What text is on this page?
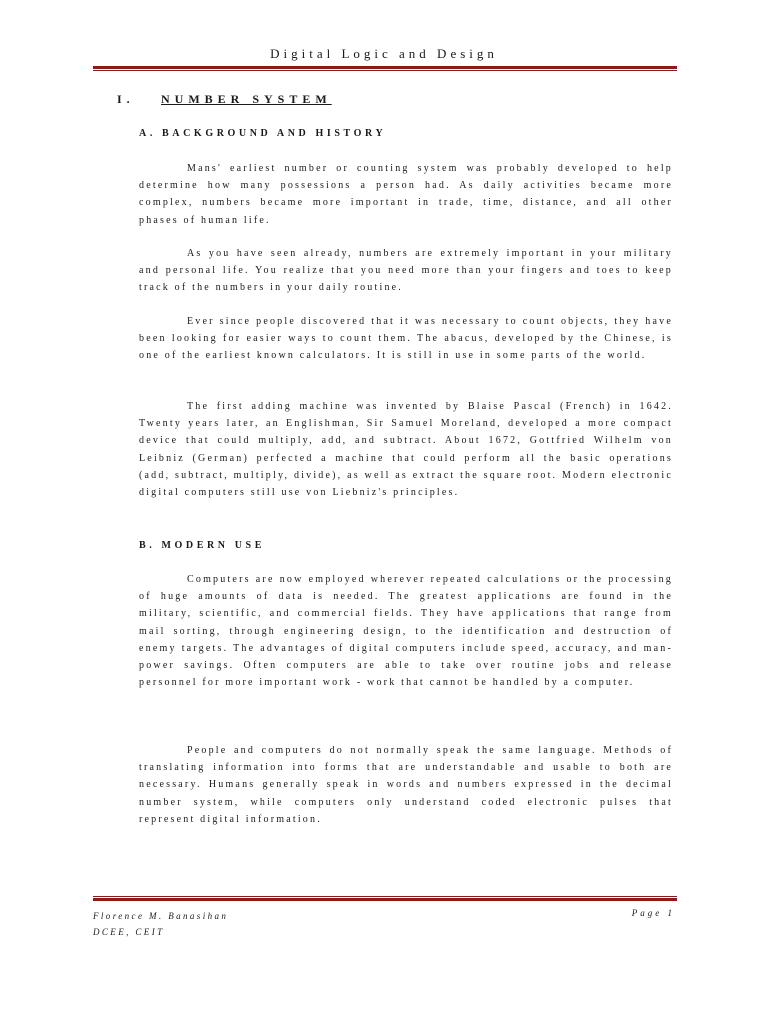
Digital Logic and Design
I. NUMBER SYSTEM
A. BACKGROUND AND HISTORY

Mans' earliest number or counting system was probably developed to help determine how many possessions a person had. As daily activities became more complex, numbers became more important in trade, time, distance, and all other phases of human life.

As you have seen already, numbers are extremely important in your military and personal life. You realize that you need more than your fingers and toes to keep track of the numbers in your daily routine.

Ever since people discovered that it was necessary to count objects, they have been looking for easier ways to count them. The abacus, developed by the Chinese, is one of the earliest known calculators. It is still in use in some parts of the world.

The first adding machine was invented by Blaise Pascal (French) in 1642. Twenty years later, an Englishman, Sir Samuel Moreland, developed a more compact device that could multiply, add, and subtract. About 1672, Gottfried Wilhelm von Leibniz (German) perfected a machine that could perform all the basic operations (add, subtract, multiply, divide), as well as extract the square root. Modern electronic digital computers still use von Liebniz's principles.

B. MODERN USE

Computers are now employed wherever repeated calculations or the processing of huge amounts of data is needed. The greatest applications are found in the military, scientific, and commercial fields. They have applications that range from mail sorting, through engineering design, to the identification and destruction of enemy targets. The advantages of digital computers include speed, accuracy, and man-power savings. Often computers are able to take over routine jobs and release personnel for more important work - work that cannot be handled by a computer.

People and computers do not normally speak the same language. Methods of translating information into forms that are understandable and usable to both are necessary. Humans generally speak in words and numbers expressed in the decimal number system, while computers only understand coded electronic pulses that represent digital information.

Florence M. Banasihan
DCEE, CEIT
Page 1
